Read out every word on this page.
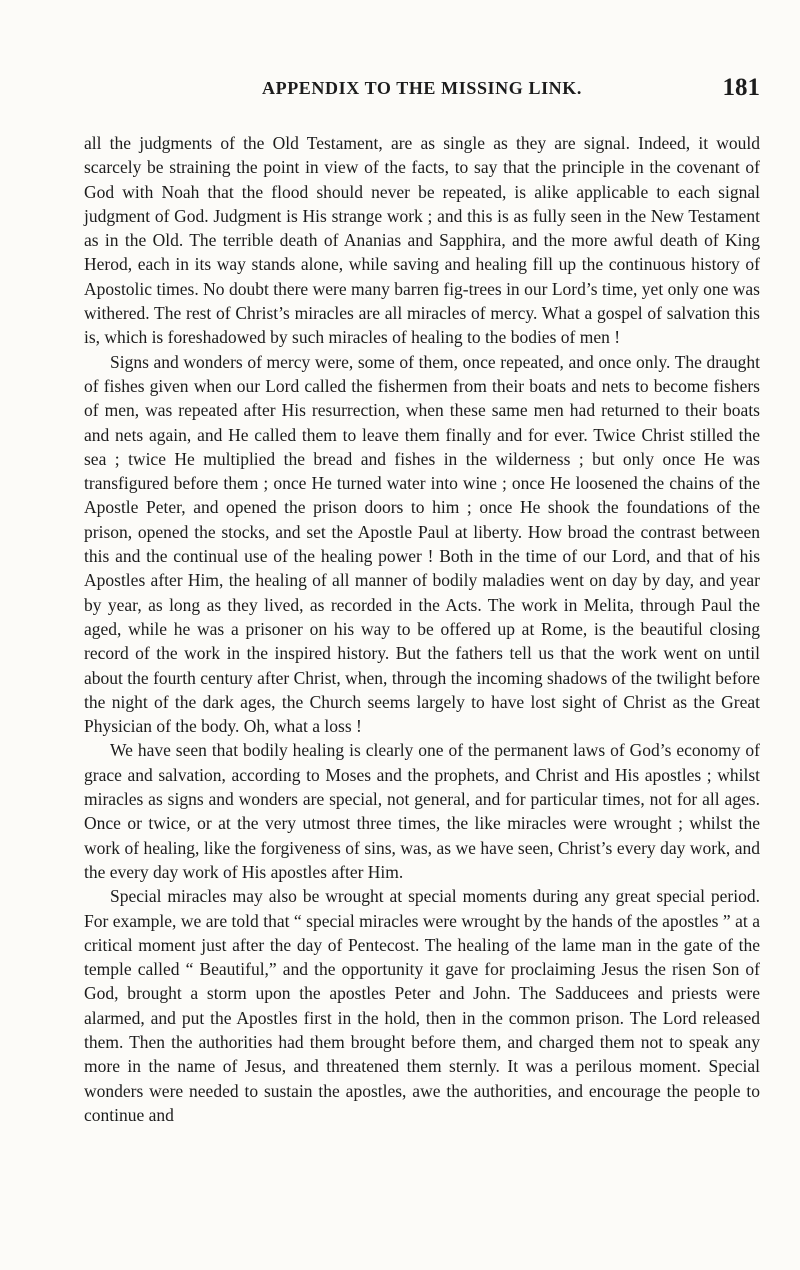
APPENDIX TO THE MISSING LINK.	181

all the judgments of the Old Testament, are as single as they are signal. Indeed, it would scarcely be straining the point in view of the facts, to say that the principle in the covenant of God with Noah that the flood should never be repeated, is alike applicable to each signal judgment of God. Judgment is His strange work ; and this is as fully seen in the New Testament as in the Old. The terrible death of Ananias and Sapphira, and the more awful death of King Herod, each in its way stands alone, while saving and healing fill up the continuous history of Apostolic times. No doubt there were many barren fig-trees in our Lord’s time, yet only one was withered. The rest of Christ’s miracles are all miracles of mercy. What a gospel of salvation this is, which is foreshadowed by such miracles of healing to the bodies of men !

Signs and wonders of mercy were, some of them, once repeated, and once only. The draught of fishes given when our Lord called the fishermen from their boats and nets to become fishers of men, was repeated after His resurrection, when these same men had returned to their boats and nets again, and He called them to leave them finally and for ever. Twice Christ stilled the sea ; twice He multiplied the bread and fishes in the wilderness ; but only once He was transfigured before them ; once He turned water into wine ; once He loosened the chains of the Apostle Peter, and opened the prison doors to him ; once He shook the foundations of the prison, opened the stocks, and set the Apostle Paul at liberty. How broad the contrast between this and the continual use of the healing power ! Both in the time of our Lord, and that of his Apostles after Him, the healing of all manner of bodily maladies went on day by day, and year by year, as long as they lived, as recorded in the Acts. The work in Melita, through Paul the aged, while he was a prisoner on his way to be offered up at Rome, is the beautiful closing record of the work in the inspired history. But the fathers tell us that the work went on until about the fourth century after Christ, when, through the incoming shadows of the twilight before the night of the dark ages, the Church seems largely to have lost sight of Christ as the Great Physician of the body. Oh, what a loss !

We have seen that bodily healing is clearly one of the permanent laws of God’s economy of grace and salvation, according to Moses and the prophets, and Christ and His apostles ; whilst miracles as signs and wonders are special, not general, and for particular times, not for all ages. Once or twice, or at the very utmost three times, the like miracles were wrought ; whilst the work of healing, like the forgiveness of sins, was, as we have seen, Christ’s every day work, and the every day work of His apostles after Him.

Special miracles may also be wrought at special moments during any great special period. For example, we are told that “ special miracles were wrought by the hands of the apostles ” at a critical moment just after the day of Pentecost. The healing of the lame man in the gate of the temple called “ Beautiful,” and the opportunity it gave for proclaiming Jesus the risen Son of God, brought a storm upon the apostles Peter and John. The Sadducees and priests were alarmed, and put the Apostles first in the hold, then in the common prison. The Lord released them. Then the authorities had them brought before them, and charged them not to speak any more in the name of Jesus, and threatened them sternly. It was a perilous moment. Special wonders were needed to sustain the apostles, awe the authorities, and encourage the people to continue and
